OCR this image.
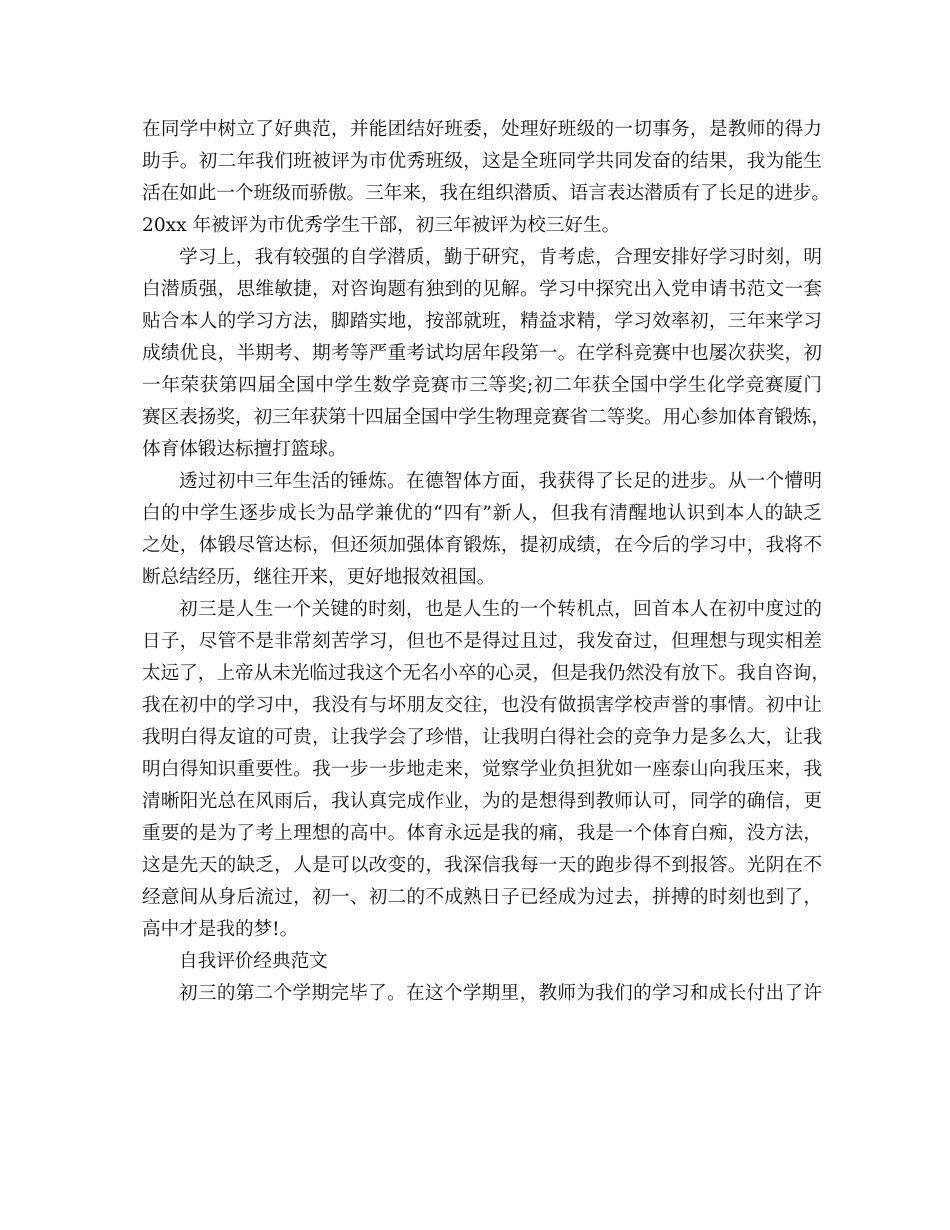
在同学中树立了好典范，并能团结好班委，处理好班级的一切事务，是教师的得力
助手。初二年我们班被评为市优秀班级，这是全班同学共同发奋的结果，我为能生
活在如此一个班级而骄傲。三年来，我在组织潜质、语言表达潜质有了长足的进步。
20xx 年被评为市优秀学生干部，初三年被评为校三好生。
学习上，我有较强的自学潜质，勤于研究，肯考虑，合理安排好学习时刻，明
白潜质强，思维敏捷，对咨询题有独到的见解。学习中探究出入党申请书范文一套
贴合本人的学习方法，脚踏实地，按部就班，精益求精，学习效率初，三年来学习
成绩优良，半期考、期考等严重考试均居年段第一。在学科竞赛中也屡次获奖，初
一年荣获第四届全国中学生数学竞赛市三等奖;初二年获全国中学生化学竞赛厦门
赛区表扬奖，初三年获第十四届全国中学生物理竞赛省二等奖。用心参加体育锻炼，
体育体锻达标擅打篮球。
透过初中三年生活的锤炼。在德智体方面，我获得了长足的进步。从一个懵明
白的中学生逐步成长为品学兼优的“四有”新人，但我有清醒地认识到本人的缺乏
之处，体锻尽管达标，但还须加强体育锻炼，提初成绩，在今后的学习中，我将不
断总结经历，继往开来，更好地报效祖国。
初三是人生一个关键的时刻，也是人生的一个转机点，回首本人在初中度过的
日子，尽管不是非常刻苦学习，但也不是得过且过，我发奋过，但理想与现实相差
太远了，上帝从未光临过我这个无名小卒的心灵，但是我仍然没有放下。我自咨询，
我在初中的学习中，我没有与坏朋友交往，也没有做损害学校声誉的事情。初中让
我明白得友谊的可贵，让我学会了珍惜，让我明白得社会的竞争力是多么大，让我
明白得知识重要性。我一步一步地走来，觉察学业负担犹如一座泰山向我压来，我
清晰阳光总在风雨后，我认真完成作业，为的是想得到教师认可，同学的确信，更
重要的是为了考上理想的高中。体育永远是我的痛，我是一个体育白痴，没方法，
这是先天的缺乏，人是可以改变的，我深信我每一天的跑步得不到报答。光阴在不
经意间从身后流过，初一、初二的不成熟日子已经成为过去，拼搏的时刻也到了，
高中才是我的梦!。
自我评价经典范文
初三的第二个学期完毕了。在这个学期里，教师为我们的学习和成长付出了许
